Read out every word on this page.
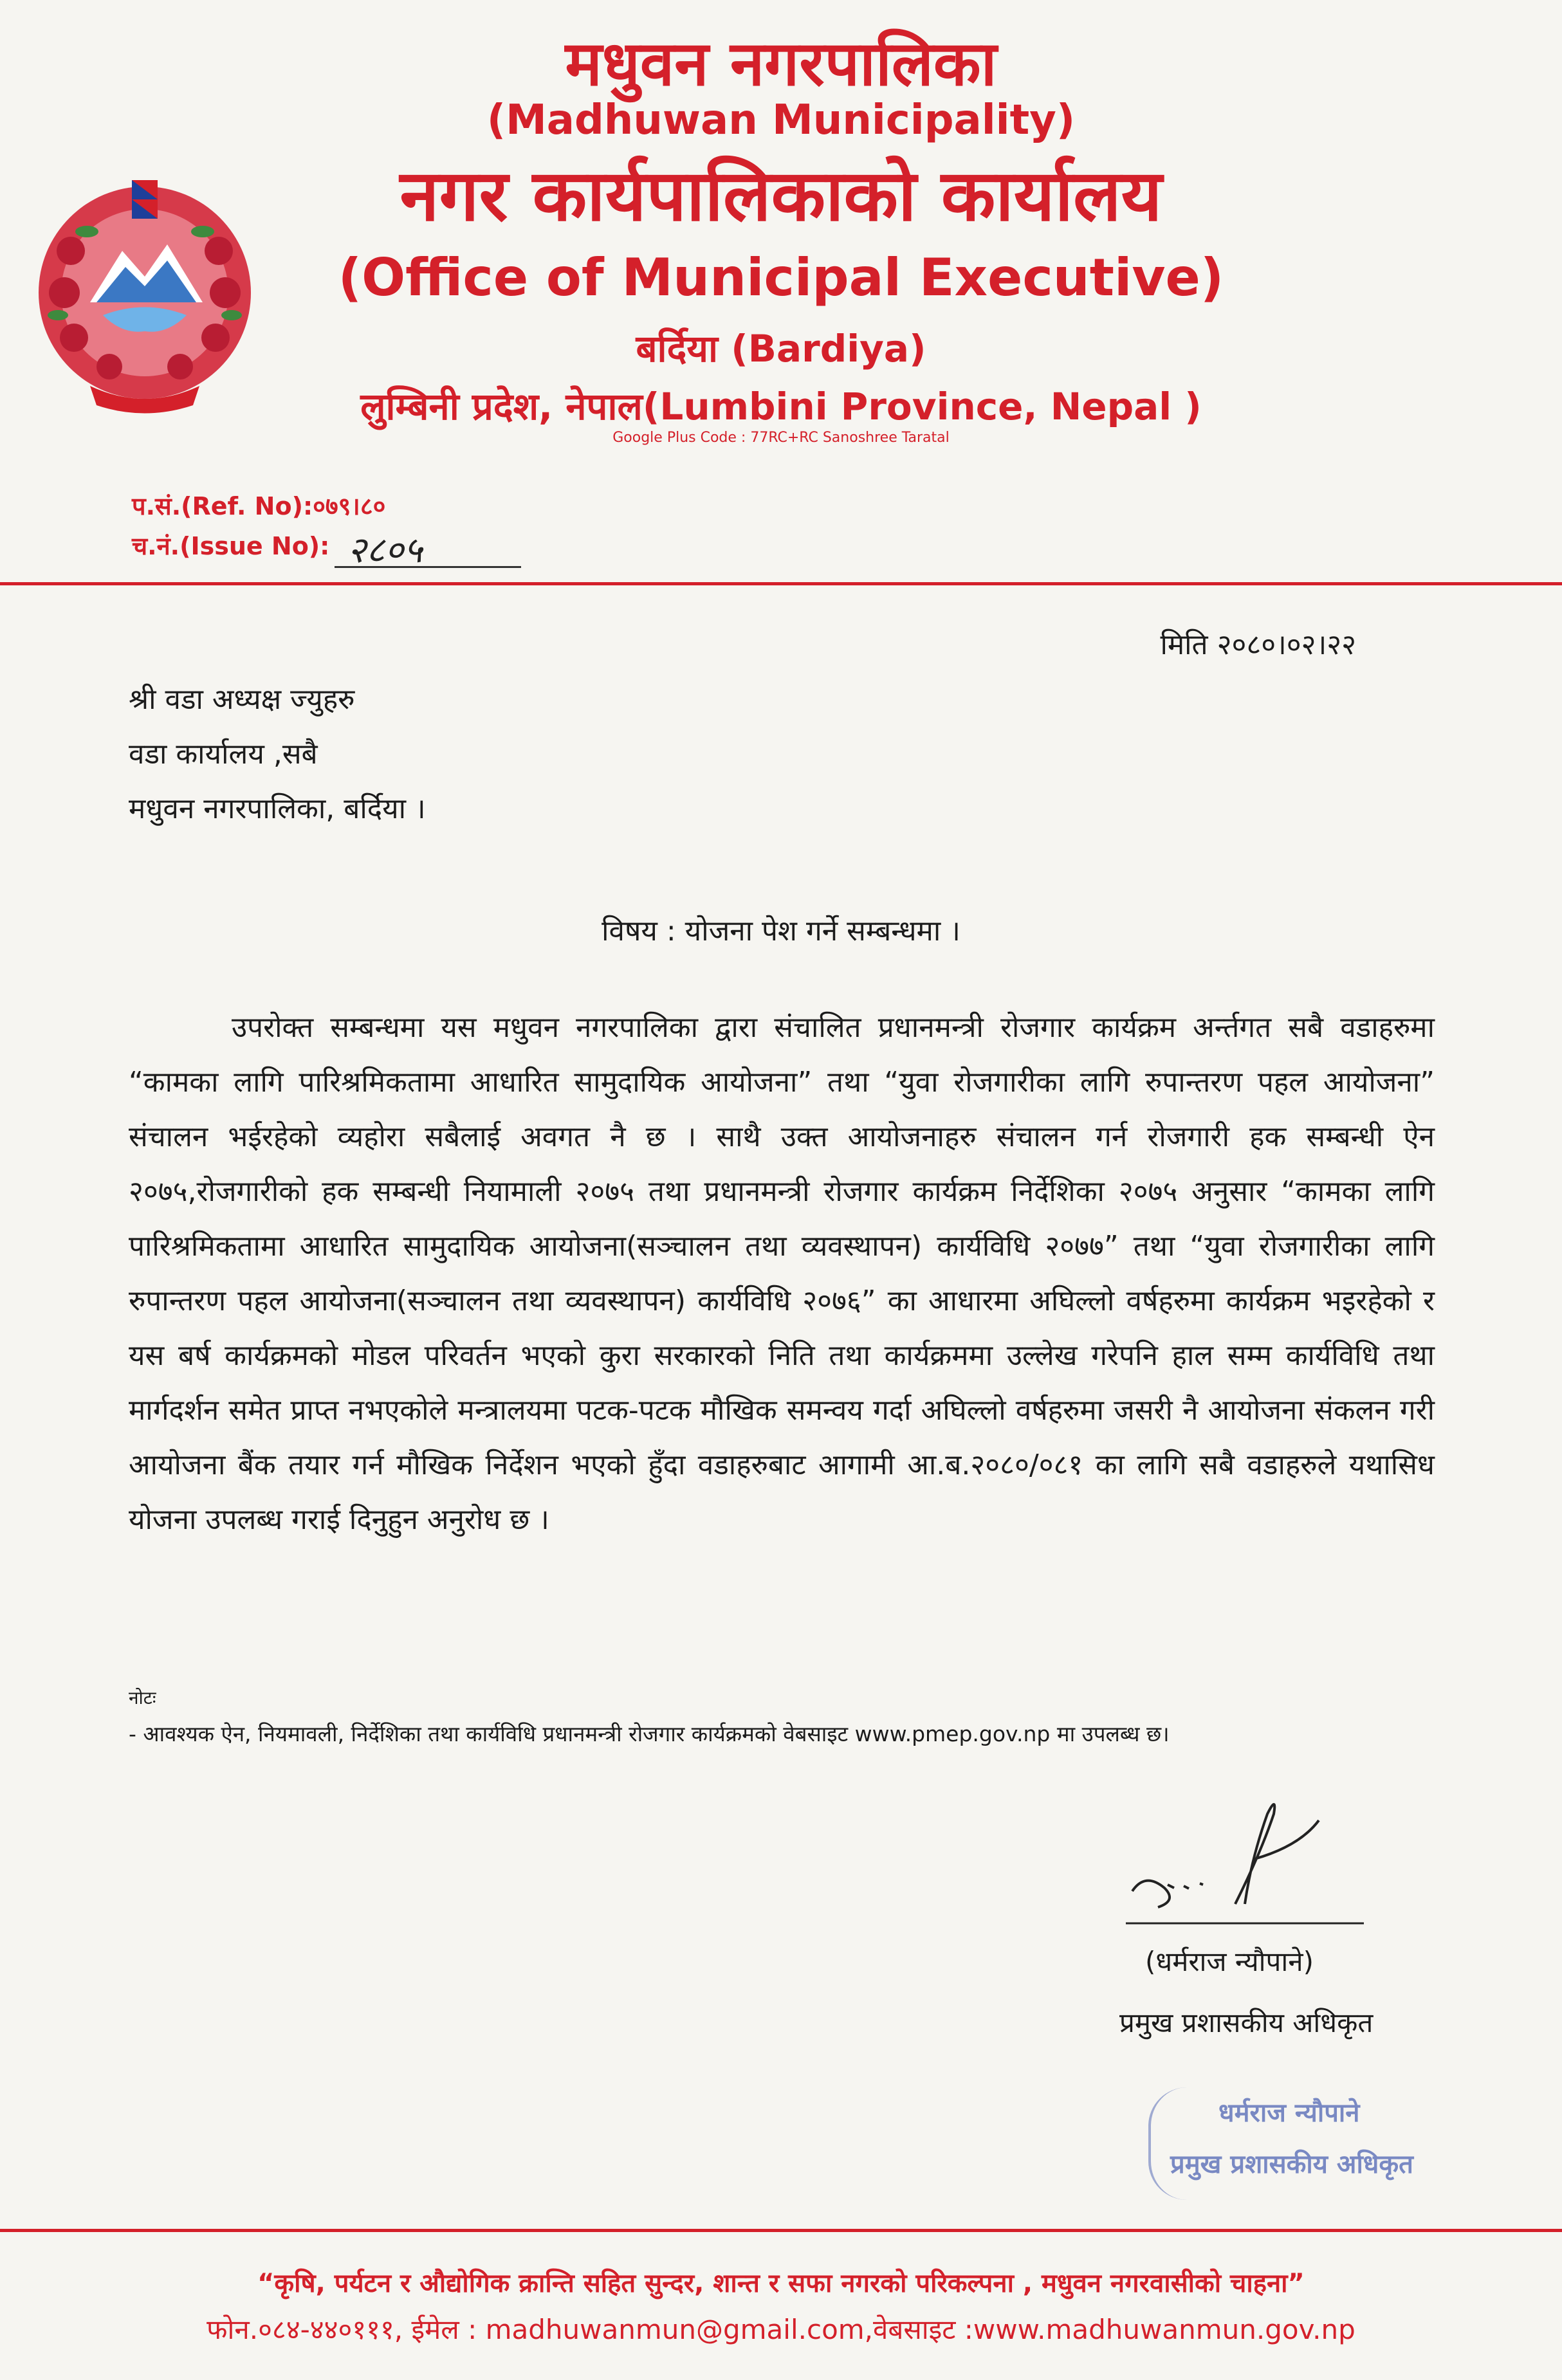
मधुवन नगरपालिका
(Madhuwan Municipality)
नगर कार्यपालिकाको कार्यालय
(Office of Municipal Executive)
बर्दिया (Bardiya)
लुम्बिनी प्रदेश, नेपाल(Lumbini Province, Nepal )
Google Plus Code : 77RC+RC Sanoshree Taratal
प.सं.(Ref. No):०७९।८०
च.नं.(Issue No): २८०५
मिति २०८०।०२।२२
श्री वडा अध्यक्ष ज्युहरु
वडा कार्यालय ,सबै
मधुवन नगरपालिका, बर्दिया ।
विषय : योजना पेश गर्ने सम्बन्धमा ।
उपरोक्त सम्बन्धमा यस मधुवन नगरपालिका द्वारा संचालित प्रधानमन्त्री रोजगार कार्यक्रम अर्न्तगत सबै वडाहरुमा “कामका लागि पारिश्रमिकतामा आधारित सामुदायिक आयोजना” तथा “युवा रोजगारीका लागि रुपान्तरण पहल आयोजना” संचालन भईरहेको व्यहोरा सबैलाई अवगत नै छ । साथै उक्त आयोजनाहरु संचालन गर्न रोजगारी हक सम्बन्धी ऐन २०७५,रोजगारीको हक सम्बन्धी नियामाली २०७५ तथा प्रधानमन्त्री रोजगार कार्यक्रम निर्देशिका २०७५ अनुसार “कामका लागि पारिश्रमिकतामा आधारित सामुदायिक आयोजना(सञ्चालन तथा व्यवस्थापन) कार्यविधि २०७७” तथा “युवा रोजगारीका लागि रुपान्तरण पहल आयोजना(सञ्चालन तथा व्यवस्थापन) कार्यविधि २०७६” का आधारमा अघिल्लो वर्षहरुमा कार्यक्रम भइरहेको र यस बर्ष कार्यक्रमको मोडल परिवर्तन भएको कुरा सरकारको निति तथा कार्यक्रममा उल्लेख गरेपनि हाल सम्म कार्यविधि तथा मार्गदर्शन समेत प्राप्त नभएकोले मन्त्रालयमा पटक-पटक मौखिक समन्वय गर्दा अघिल्लो वर्षहरुमा जसरी नै आयोजना संकलन गरी आयोजना बैंक तयार गर्न मौखिक निर्देशन भएको हुँदा वडाहरुबाट आगामी आ.ब.२०८०/०८१ का लागि सबै वडाहरुले यथासिध योजना उपलब्ध गराई दिनुहुन अनुरोध छ ।
नोटः
- आवश्यक ऐन, नियमावली, निर्देशिका तथा कार्यविधि प्रधानमन्त्री रोजगार कार्यक्रमको वेबसाइट www.pmep.gov.np मा उपलब्ध छ।
(धर्मराज न्यौपाने)
प्रमुख प्रशासकीय अधिकृत
धर्मराज न्यौपाने
प्रमुख प्रशासकीय अधिकृत
“कृषि, पर्यटन र औद्योगिक क्रान्ति सहित सुन्दर, शान्त र सफा नगरको परिकल्पना , मधुवन नगरवासीको चाहना”
फोन.०८४-४४०१११, ईमेल : madhuwanmun@gmail.com,वेबसाइट :www.madhuwanmun.gov.np
